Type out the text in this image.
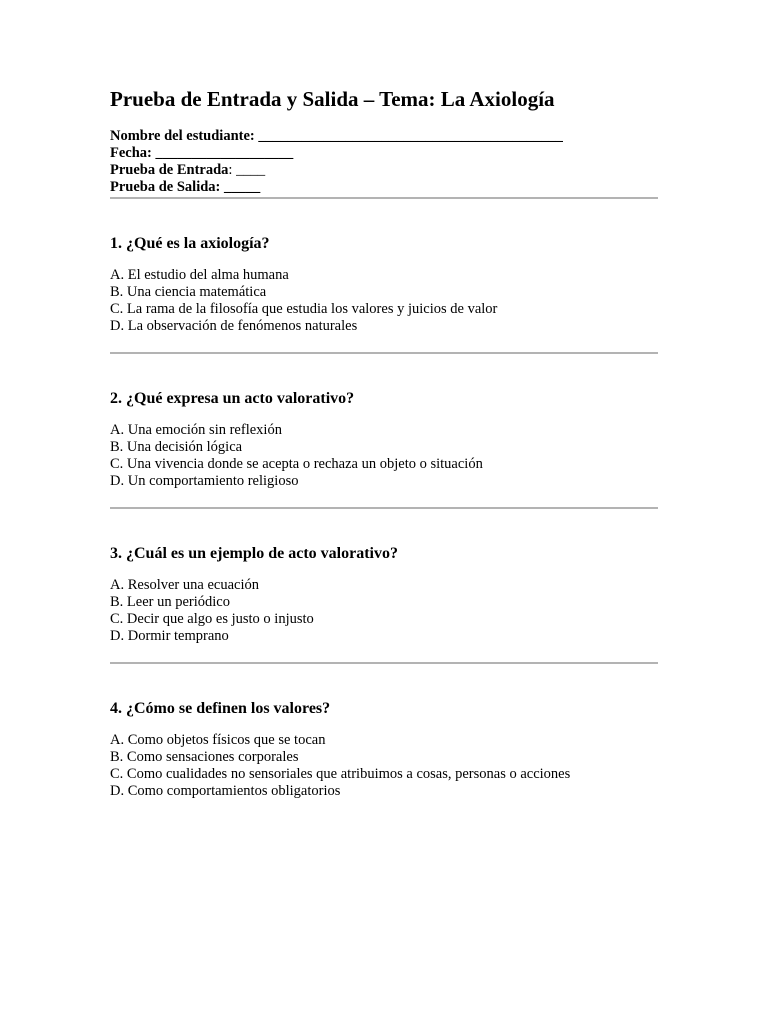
Prueba de Entrada y Salida – Tema: La Axiología
Nombre del estudiante: __________________________________________
Fecha: ___________________
Prueba de Entrada: ____
Prueba de Salida: _____
1. ¿Qué es la axiología?
A. El estudio del alma humana
B. Una ciencia matemática
C. La rama de la filosofía que estudia los valores y juicios de valor
D. La observación de fenómenos naturales
2. ¿Qué expresa un acto valorativo?
A. Una emoción sin reflexión
B. Una decisión lógica
C. Una vivencia donde se acepta o rechaza un objeto o situación
D. Un comportamiento religioso
3. ¿Cuál es un ejemplo de acto valorativo?
A. Resolver una ecuación
B. Leer un periódico
C. Decir que algo es justo o injusto
D. Dormir temprano
4. ¿Cómo se definen los valores?
A. Como objetos físicos que se tocan
B. Como sensaciones corporales
C. Como cualidades no sensoriales que atribuimos a cosas, personas o acciones
D. Como comportamientos obligatorios
